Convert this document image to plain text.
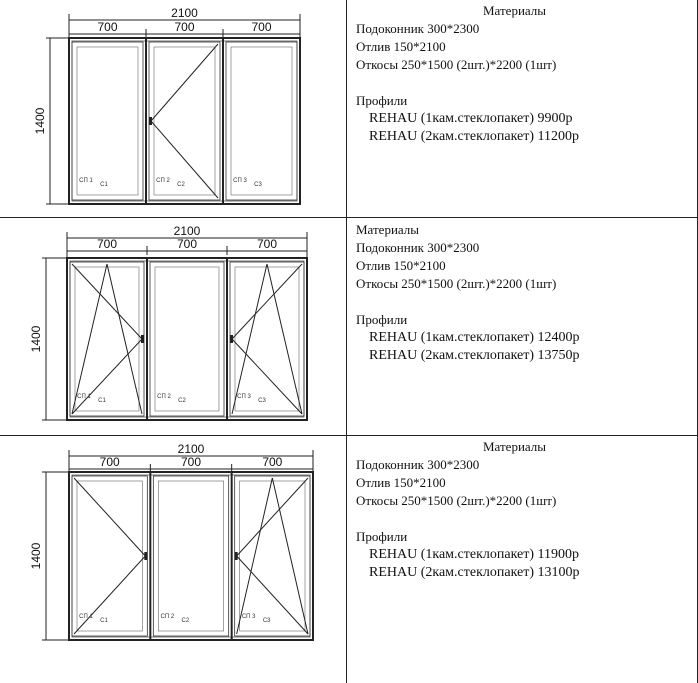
2100
700	700	700
1400
СП 1
С1
СП 2
С2
СП 3
С3
Материалы
Подоконник 300*2300
Отлив 150*2100
Откосы 250*1500 (2шт.)*2200 (1шт)
Профили
REHAU (1кам.стеклопакет) 9900р
REHAU (2кам.стеклопакет) 11200р
2100
700	700	700
1400
СП 1
С1
СП 2
С2
СП 3
С3
Материалы
Подоконник 300*2300
Отлив 150*2100
Откосы 250*1500 (2шт.)*2200 (1шт)
Профили
REHAU (1кам.стеклопакет) 12400р
REHAU (2кам.стеклопакет) 13750р
2100
700	700	700
1400
СП 1
С1
СП 2
С2
СП 3
С3
Материалы
Подоконник 300*2300
Отлив 150*2100
Откосы 250*1500 (2шт.)*2200 (1шт)
Профили
REHAU (1кам.стеклопакет) 11900р
REHAU (2кам.стеклопакет) 13100р
